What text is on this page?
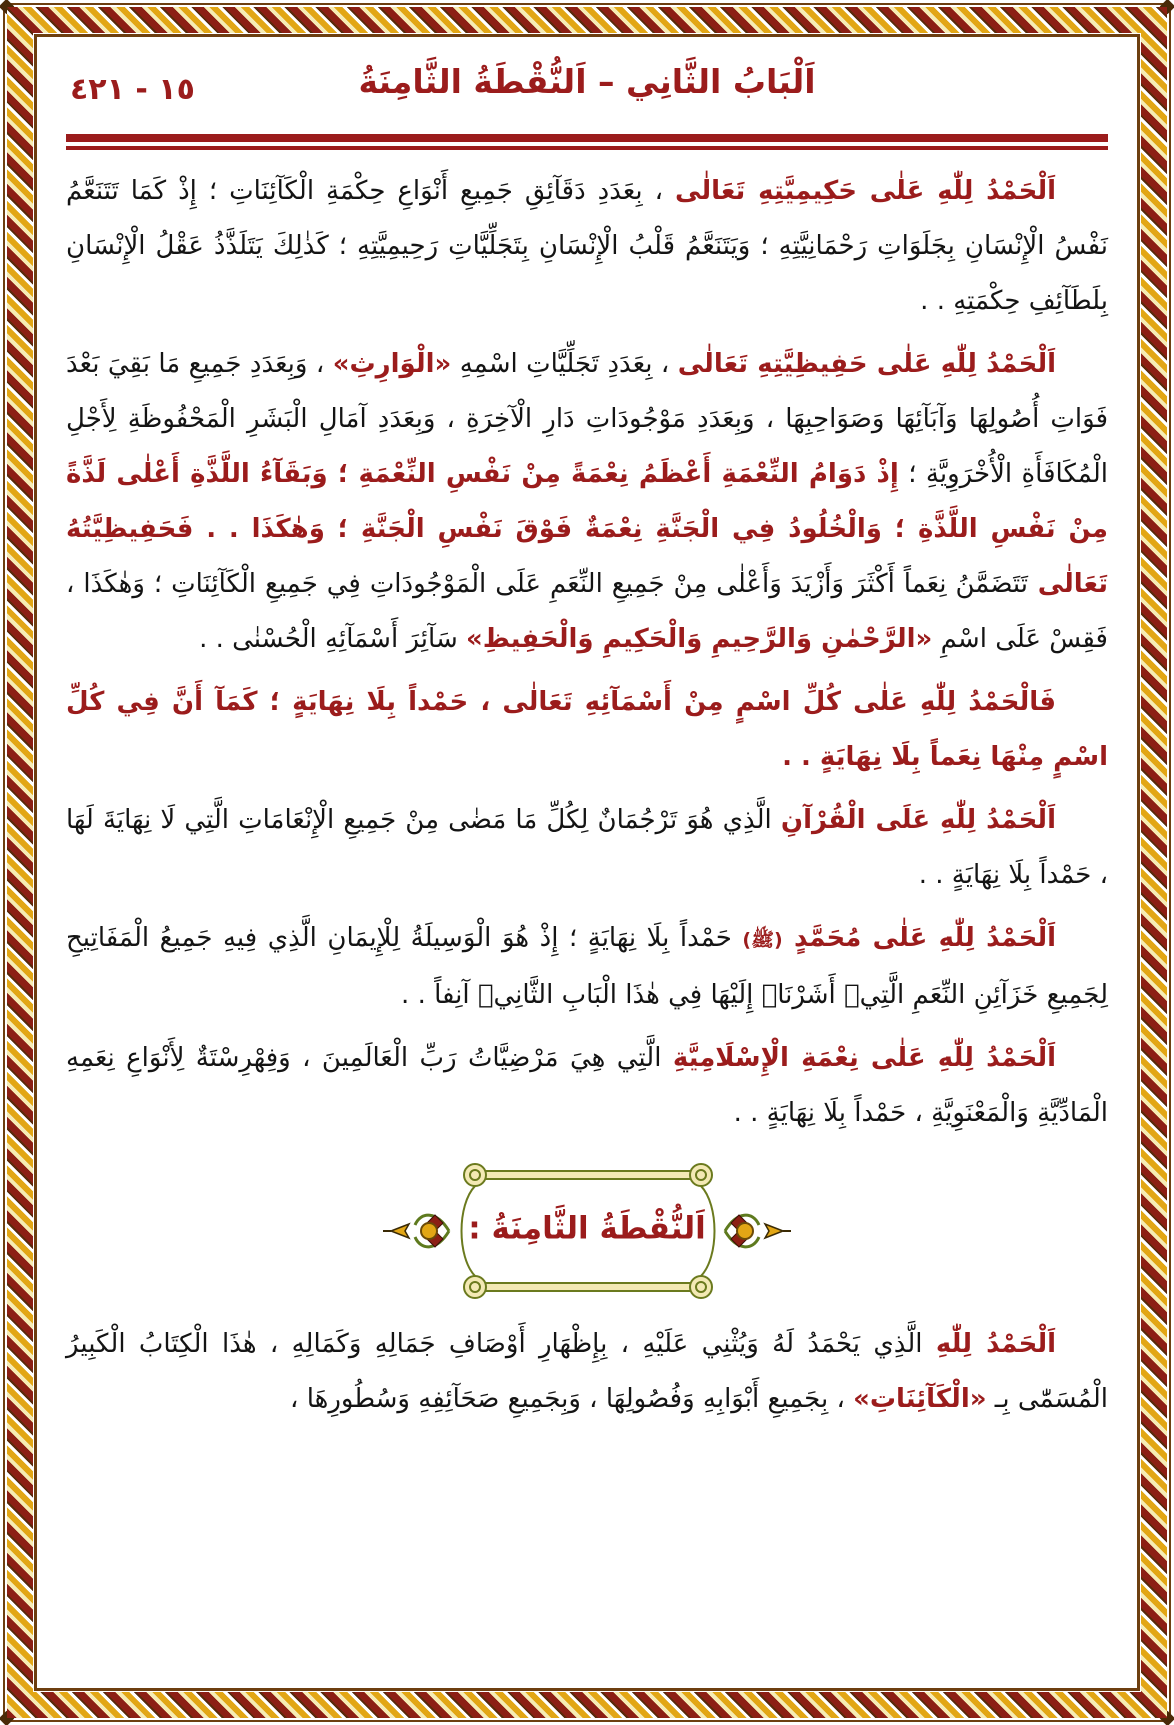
١٥ - ٤٢١	اَلْبَابُ الثَّانِي – اَلنُّقْطَةُ الثَّامِنَةُ

اَلْحَمْدُ لِلّٰهِ عَلٰى حَكِيمِيَّتِهِ تَعَالٰى ، بِعَدَدِ دَقَآئِقِ جَمِيعِ أَنْوَاعِ حِكْمَةِ الْكَآئِنَاتِ ؛ إِذْ كَمَا تَتَنَعَّمُ نَفْسُ الْإِنْسَانِ بِجَلَوَاتِ رَحْمَانِيَّتِهِ ؛ وَيَتَنَعَّمُ قَلْبُ الْإِنْسَانِ بِتَجَلِّيَّاتِ رَحِيمِيَّتِهِ ؛ كَذٰلِكَ يَتَلَذَّذُ عَقْلُ الْإِنْسَانِ بِلَطَآئِفِ حِكْمَتِهِ . .

اَلْحَمْدُ لِلّٰهِ عَلٰى حَفِيظِيَّتِهِ تَعَالٰى ، بِعَدَدِ تَجَلِّيَّاتِ اسْمِهِ «الْوَارِثِ» ، وَبِعَدَدِ جَمِيعِ مَا بَقِيَ بَعْدَ فَوَاتِ أُصُولِهَا وَآبَآئِهَا وَصَوَاحِبِهَا ، وَبِعَدَدِ مَوْجُودَاتِ دَارِ الْآخِرَةِ ، وَبِعَدَدِ آمَالِ الْبَشَرِ الْمَحْفُوظَةِ لِأَجْلِ الْمُكَافَأَةِ الْأُخْرَوِيَّةِ ؛ إِذْ دَوَامُ النِّعْمَةِ أَعْظَمُ نِعْمَةً مِنْ نَفْسِ النِّعْمَةِ ؛ وَبَقَآءُ اللَّذَّةِ أَعْلٰى لَذَّةً مِنْ نَفْسِ اللَّذَّةِ ؛ وَالْخُلُودُ فِي الْجَنَّةِ نِعْمَةٌ فَوْقَ نَفْسِ الْجَنَّةِ ؛ وَهٰكَذَا . . فَحَفِيظِيَّتُهُ تَعَالٰى تَتَضَمَّنُ نِعَماً أَكْثَرَ وَأَزْيَدَ وَأَعْلٰى مِنْ جَمِيعِ النِّعَمِ عَلَى الْمَوْجُودَاتِ فِي جَمِيعِ الْكَآئِنَاتِ ؛ وَهٰكَذَا ، فَقِسْ عَلَى اسْمِ «الرَّحْمٰنِ وَالرَّحِيمِ وَالْحَكِيمِ وَالْحَفِيظِ» سَآئِرَ أَسْمَآئِهِ الْحُسْنٰى . .

فَالْحَمْدُ لِلّٰهِ عَلٰى كُلِّ اسْمٍ مِنْ أَسْمَآئِهِ تَعَالٰى ، حَمْداً بِلَا نِهَايَةٍ ؛ كَمَآ أَنَّ فِي كُلِّ اسْمٍ مِنْهَا نِعَماً بِلَا نِهَايَةٍ . .

اَلْحَمْدُ لِلّٰهِ عَلَى الْقُرْآنِ الَّذِي هُوَ تَرْجُمَانٌ لِكُلِّ مَا مَضٰى مِنْ جَمِيعِ الْإِنْعَامَاتِ الَّتِي لَا نِهَايَةَ لَهَا ، حَمْداً بِلَا نِهَايَةٍ . .

اَلْحَمْدُ لِلّٰهِ عَلٰى مُحَمَّدٍ (ﷺ) حَمْداً بِلَا نِهَايَةٍ ؛ إِذْ هُوَ الْوَسِيلَةُ لِلْإِيمَانِ الَّذِي فِيهِ جَمِيعُ الْمَفَاتِيحِ لِجَمِيعِ خَزَآئِنِ النِّعَمِ الَّتِيۤ أَشَرْنَاۤ إِلَيْهَا فِي هٰذَا الْبَابِ الثَّانِيۤ آنِفاً . .

اَلْحَمْدُ لِلّٰهِ عَلٰى نِعْمَةِ الْإِسْلَامِيَّةِ الَّتِي هِيَ مَرْضِيَّاتُ رَبِّ الْعَالَمِينَ ، وَفِهْرِسْتَةٌ لِأَنْوَاعِ نِعَمِهِ الْمَادِّيَّةِ وَالْمَعْنَوِيَّةِ ، حَمْداً بِلَا نِهَايَةٍ . .

اَلنُّقْطَةُ الثَّامِنَةُ :

اَلْحَمْدُ لِلّٰهِ الَّذِي يَحْمَدُ لَهُ وَيُثْنِي عَلَيْهِ ، بِإِظْهَارِ أَوْصَافِ جَمَالِهِ وَكَمَالِهِ ، هٰذَا الْكِتَابُ الْكَبِيرُ الْمُسَمّٰى بِـ «الْكَآئِنَاتِ» ، بِجَمِيعِ أَبْوَابِهِ وَفُصُولِهَا ، وَبِجَمِيعِ صَحَآئِفِهِ وَسُطُورِهَا ،
